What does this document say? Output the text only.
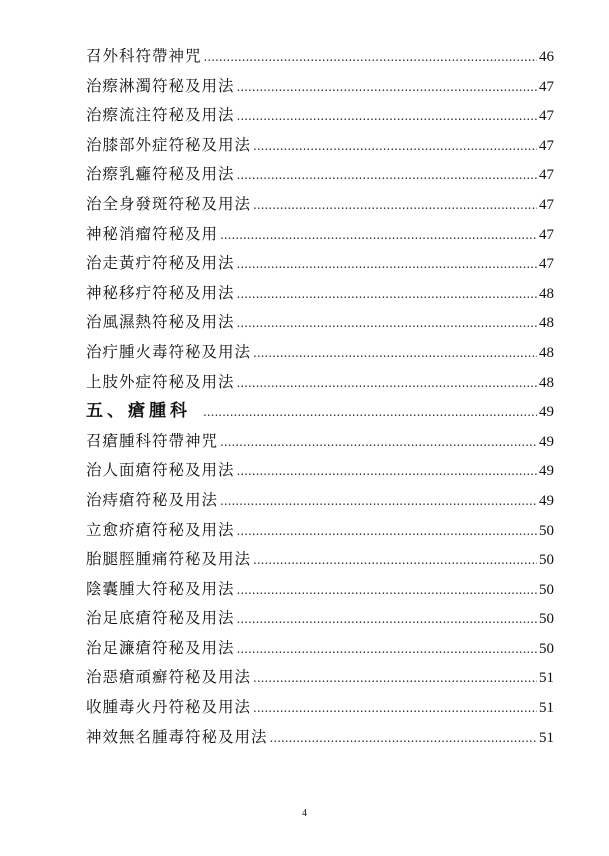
召外科符帶神咒 .....	46
治瘵淋濁符秘及用法 .....	47
治瘵流注符秘及用法 .....	47
治膝部外症符秘及用法 .....	47
治瘵乳癰符秘及用法 .....	47
治全身發斑符秘及用法 .....	47
神秘消瘤符秘及用 .....	47
治走黃疔符秘及用法 .....	47
神秘移疔符秘及用法 .....	48
治風濕熱符秘及用法 .....	48
治疔腫火毒符秘及用法 .....	48
上肢外症符秘及用法 .....	48
五、瘡腫科 .....	49
召瘡腫科符帶神咒 .....	49
治人面瘡符秘及用法 .....	49
治痔瘡符秘及用法 .....	49
立愈疥瘡符秘及用法 .....	50
胎腿脛腫痛符秘及用法 .....	50
陰囊腫大符秘及用法 .....	50
治足底瘡符秘及用法 .....	50
治足濂瘡符秘及用法 .....	50
治惡瘡頑癬符秘及用法 .....	51
收腫毒火丹符秘及用法 .....	51
神效無名腫毒符秘及用法 .....	51
4
